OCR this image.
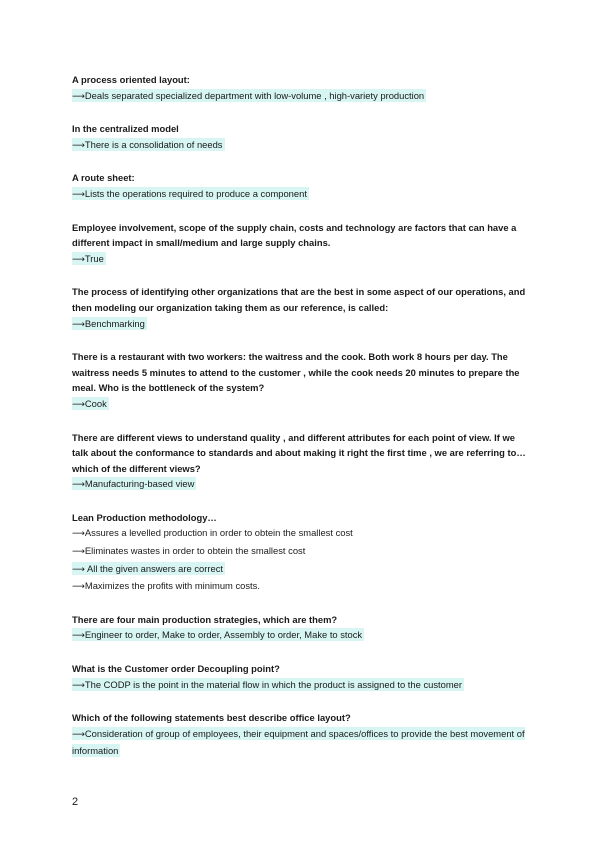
A process oriented layout:

⟶Deals separated specialized department with low-volume , high-variety production

In the centralized model

⟶There is a consolidation of needs

A route sheet:

⟶Lists the operations required to produce a component

Employee involvement, scope of the supply chain, costs and technology are factors that can have a different impact in small/medium and large supply chains.

⟶True

The process of identifying other organizations that are the best in some aspect of our operations, and then modeling our organization taking them as our reference, is called:

⟶Benchmarking

There is a restaurant with two workers: the waitress and the cook. Both work 8 hours per day. The waitress needs 5 minutes to attend to the customer , while the cook needs 20 minutes to prepare the meal. Who is the bottleneck of the system?

⟶Cook

There are different views to understand quality , and different attributes for each point of view. If we talk about the conformance to standards and about making it right the first time , we are referring to… which of the different views?

⟶Manufacturing-based view

Lean Production methodology…

⟶Assures a levelled production in order to obtein the smallest cost

⟶Eliminates wastes in order to obtein the smallest cost

⟶ All the given answers are correct

⟶Maximizes the profits with minimum costs.

There are four main production strategies, which are them?

⟶Engineer to order, Make to order, Assembly to order, Make to stock

What is the Customer order Decoupling point?

⟶The CODP is the point in the material flow in which the product is assigned to the customer

Which of the following statements best describe office layout?

⟶Consideration of group of employees, their equipment and spaces/offices to provide the best movement of information

2
